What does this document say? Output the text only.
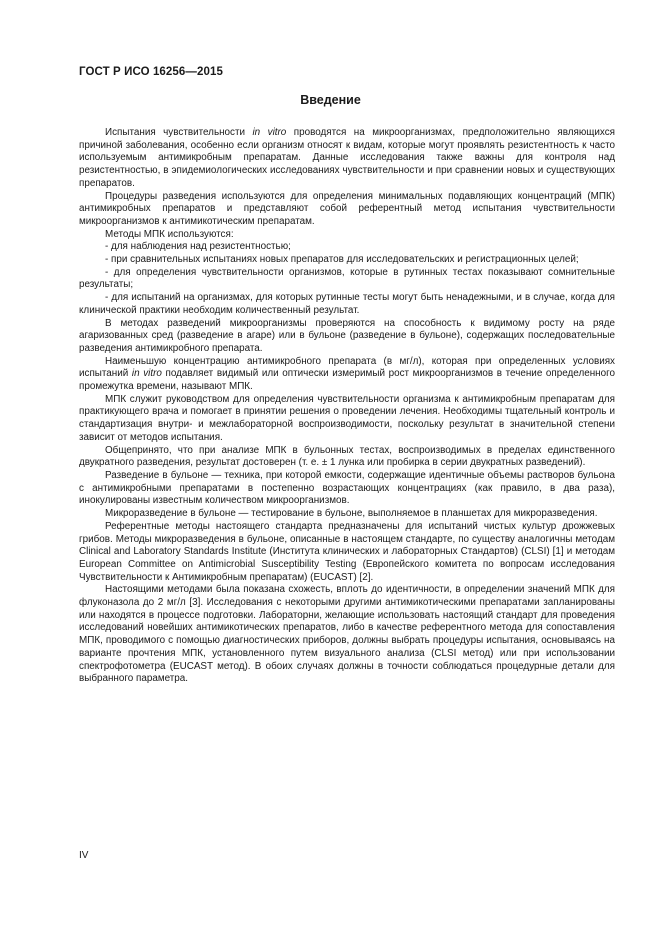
ГОСТ Р ИСО 16256—2015
Введение

Испытания чувствительности in vitro проводятся на микроорганизмах, предположительно являющихся причиной заболевания, особенно если организм относят к видам, которые могут проявлять резистентность к часто используемым антимикробным препаратам. Данные исследования также важны для контроля над резистентностью, в эпидемиологических исследованиях чувствительности и при сравнении новых и существующих препаратов.

Процедуры разведения используются для определения минимальных подавляющих концентраций (МПК) антимикробных препаратов и представляют собой референтный метод испытания чувствительности микроорганизмов к антимикотическим препаратам.

Методы МПК используются:

- для наблюдения над резистентностью;

- при сравнительных испытаниях новых препаратов для исследовательских и регистрационных целей;

- для определения чувствительности организмов, которые в рутинных тестах показывают сомнительные результаты;

- для испытаний на организмах, для которых рутинные тесты могут быть ненадежными, и в случае, когда для клинической практики необходим количественный результат.

В методах разведений микроорганизмы проверяются на способность к видимому росту на ряде агаризованных сред (разведение в агаре) или в бульоне (разведение в бульоне), содержащих последовательные разведения антимикробного препарата.

Наименьшую концентрацию антимикробного препарата (в мг/л), которая при определенных условиях испытаний in vitro подавляет видимый или оптически измеримый рост микроорганизмов в течение определенного промежутка времени, называют МПК.

МПК служит руководством для определения чувствительности организма к антимикробным препаратам для практикующего врача и помогает в принятии решения о проведении лечения. Необходимы тщательный контроль и стандартизация внутри- и межлабораторной воспроизводимости, поскольку результат в значительной степени зависит от методов испытания.

Общепринято, что при анализе МПК в бульонных тестах, воспроизводимых в пределах единственного двукратного разведения, результат достоверен (т. е. ± 1 лунка или пробирка в серии двукратных разведений).

Разведение в бульоне — техника, при которой емкости, содержащие идентичные объемы растворов бульона с антимикробными препаратами в постепенно возрастающих концентрациях (как правило, в два раза), инокулированы известным количеством микроорганизмов.

Микроразведение в бульоне — тестирование в бульоне, выполняемое в планшетах для микроразведения.

Референтные методы настоящего стандарта предназначены для испытаний чистых культур дрожжевых грибов. Методы микроразведения в бульоне, описанные в настоящем стандарте, по существу аналогичны методам Clinical and Laboratory Standards Institute (Института клинических и лабораторных Стандартов) (CLSI) [1] и методам European Committee on Antimicrobial Susceptibility Testing (Европейского комитета по вопросам исследования Чувствительности к Антимикробным препаратам) (EUCAST) [2].

Настоящими методами была показана схожесть, вплоть до идентичности, в определении значений МПК для флуконазола до 2 мг/л [3]. Исследования с некоторыми другими антимикотическими препаратами запланированы или находятся в процессе подготовки. Лабораторни, желающие использовать настоящий стандарт для проведения исследований новейших антимикотических препаратов, либо в качестве референтного метода для сопоставления МПК, проводимого с помощью диагностических приборов, должны выбрать процедуры испытания, основываясь на варианте прочтения МПК, установленного путем визуального анализа (CLSI метод) или при использовании спектрофотометра (EUCAST метод). В обоих случаях должны в точности соблюдаться процедурные детали для выбранного параметра.

IV
